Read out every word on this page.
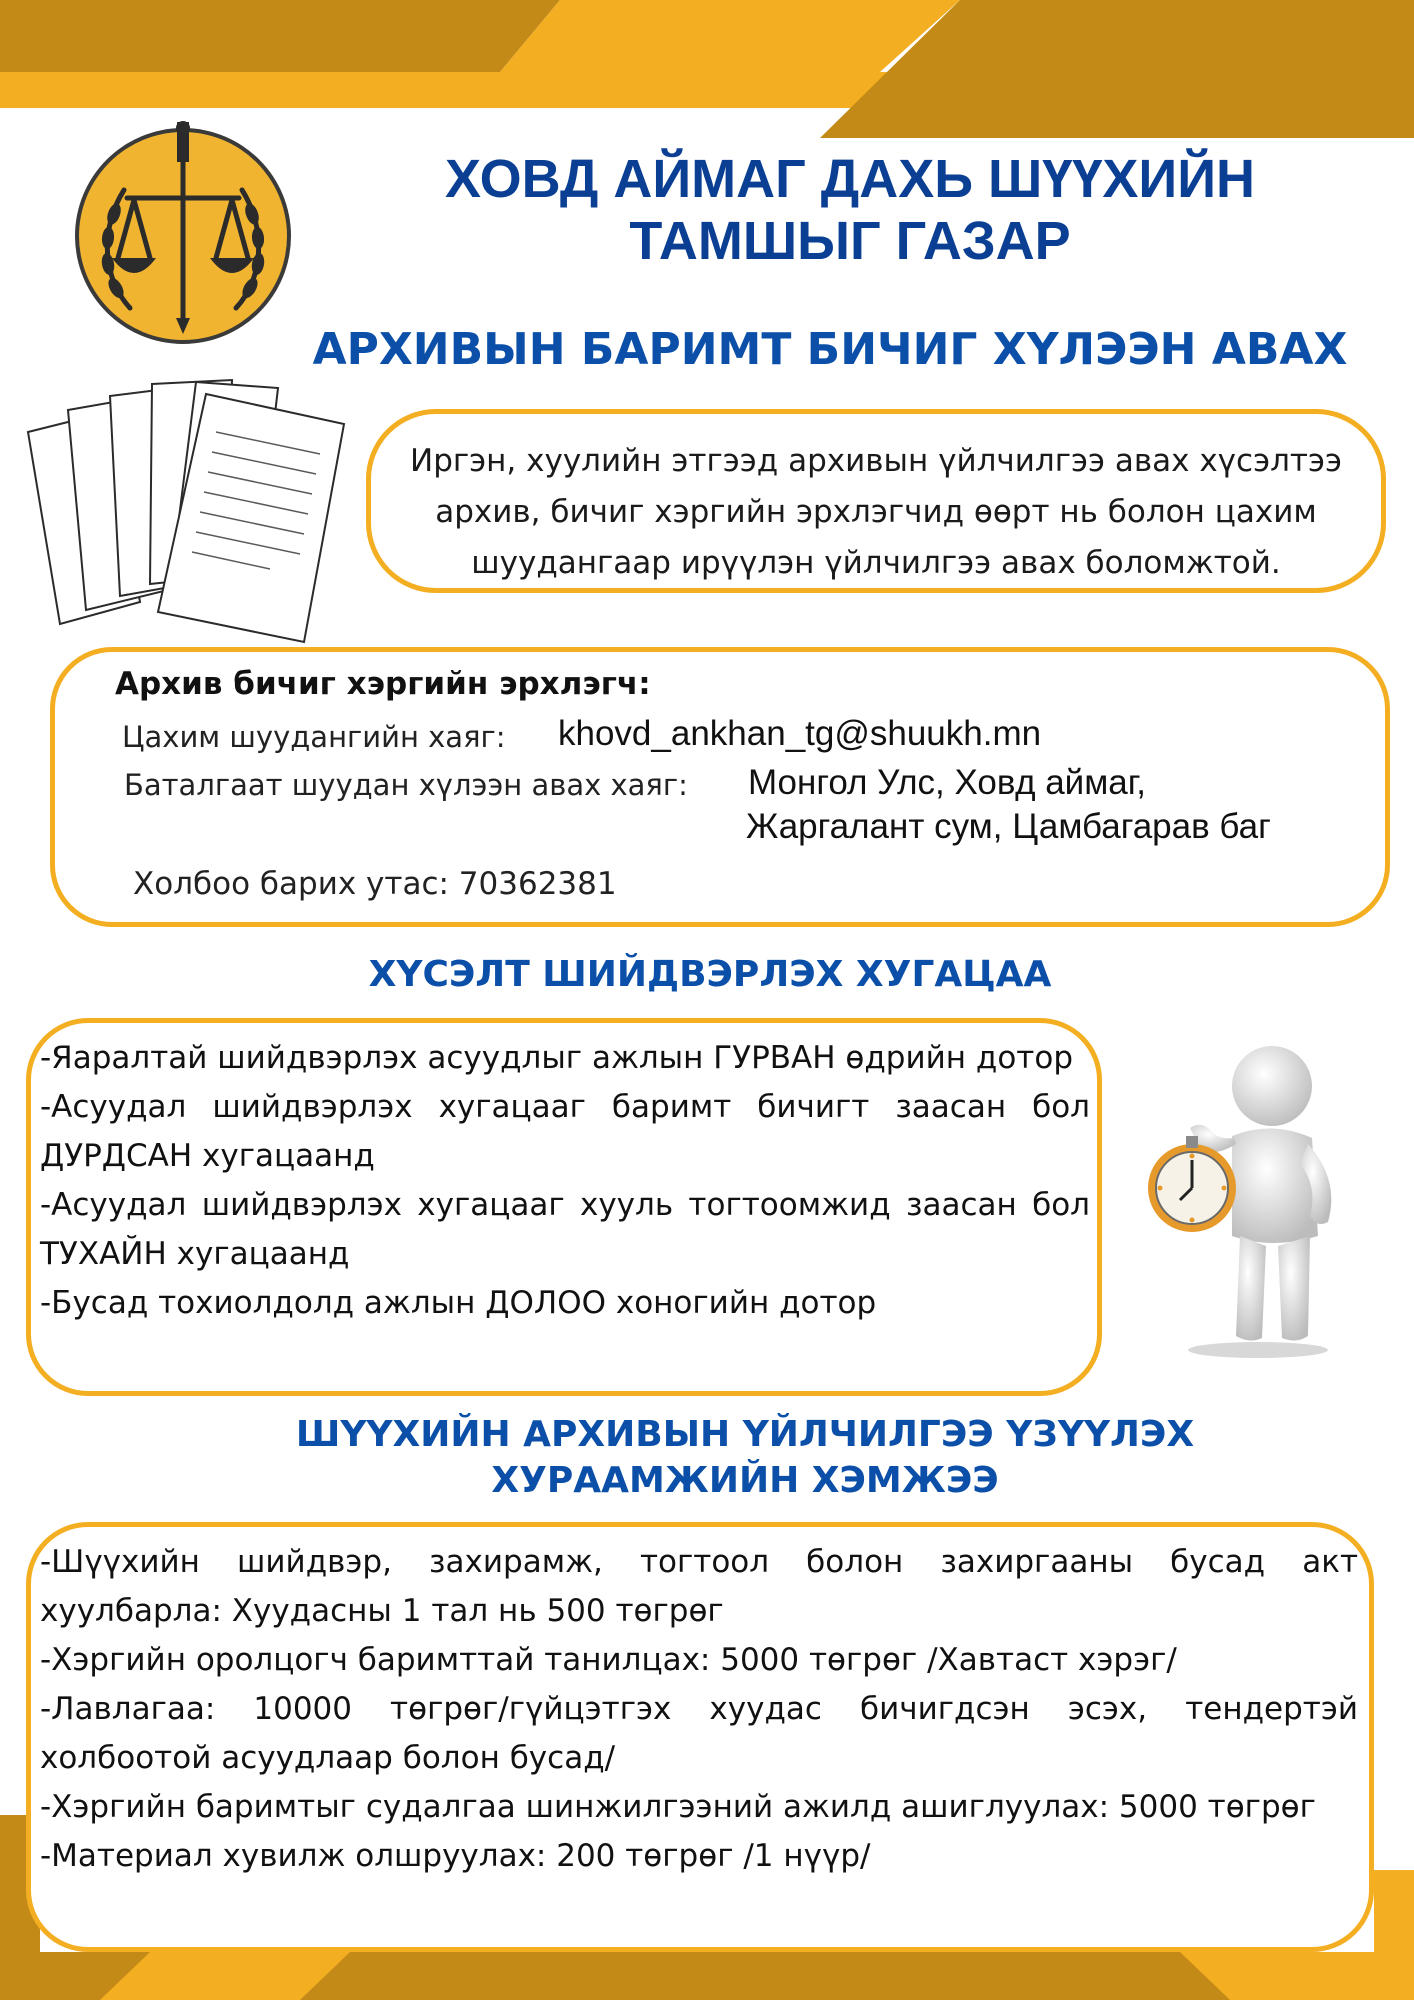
ХОВД АЙМАГ ДАХЬ ШҮҮХИЙН
ТАМШЫГ ГАЗАР
АРХИВЫН БАРИМТ БИЧИГ ХҮЛЭЭН АВАХ

Иргэн, хуулийн этгээд архивын үйлчилгээ авах хүсэлтээ архив, бичиг хэргийн эрхлэгчид өөрт нь болон цахим шуудангаар ирүүлэн үйлчилгээ авах боломжтой.

Архив бичиг хэргийн эрхлэгч:

Цахим шуудангийн хаяг: khovd_ankhan_tg@shuukh.mn
Баталгаат шуудан хүлээн авах хаяг: Монгол Улс, Ховд аймаг,
Жаргалант сум, Цамбагарав баг
Холбоо барих утас: 70362381
ХҮСЭЛТ ШИЙДВЭРЛЭХ ХУГАЦАА

-Яаралтай шийдвэрлэх асуудлыг ажлын ГУРВАН өдрийн дотор

-Асуудал шийдвэрлэх хугацааг баримт бичигт заасан бол ДУРДСАН хугацаанд

-Асуудал шийдвэрлэх хугацааг хууль тогтоомжид заасан бол ТУХАЙН хугацаанд

-Бусад тохиолдолд ажлын ДОЛОО хоногийн дотор

ШҮҮХИЙН АРХИВЫН ҮЙЛЧИЛГЭЭ ҮЗҮҮЛЭХ
ХУРААМЖИЙН ХЭМЖЭЭ

-Шүүхийн шийдвэр, захирамж, тогтоол болон захиргааны бусад акт хуулбарла: Хуудасны 1 тал нь 500 төгрөг

-Хэргийн оролцогч баримттай танилцах: 5000 төгрөг /Хавтаст хэрэг/

-Лавлагаа: 10000 төгрөг/гүйцэтгэх хуудас бичигдсэн эсэх, тендертэй холбоотой асуудлаар болон бусад/

-Хэргийн баримтыг судалгаа шинжилгээний ажилд ашиглуулах: 5000 төгрөг

-Материал хувилж олшруулах: 200 төгрөг /1 нүүр/
